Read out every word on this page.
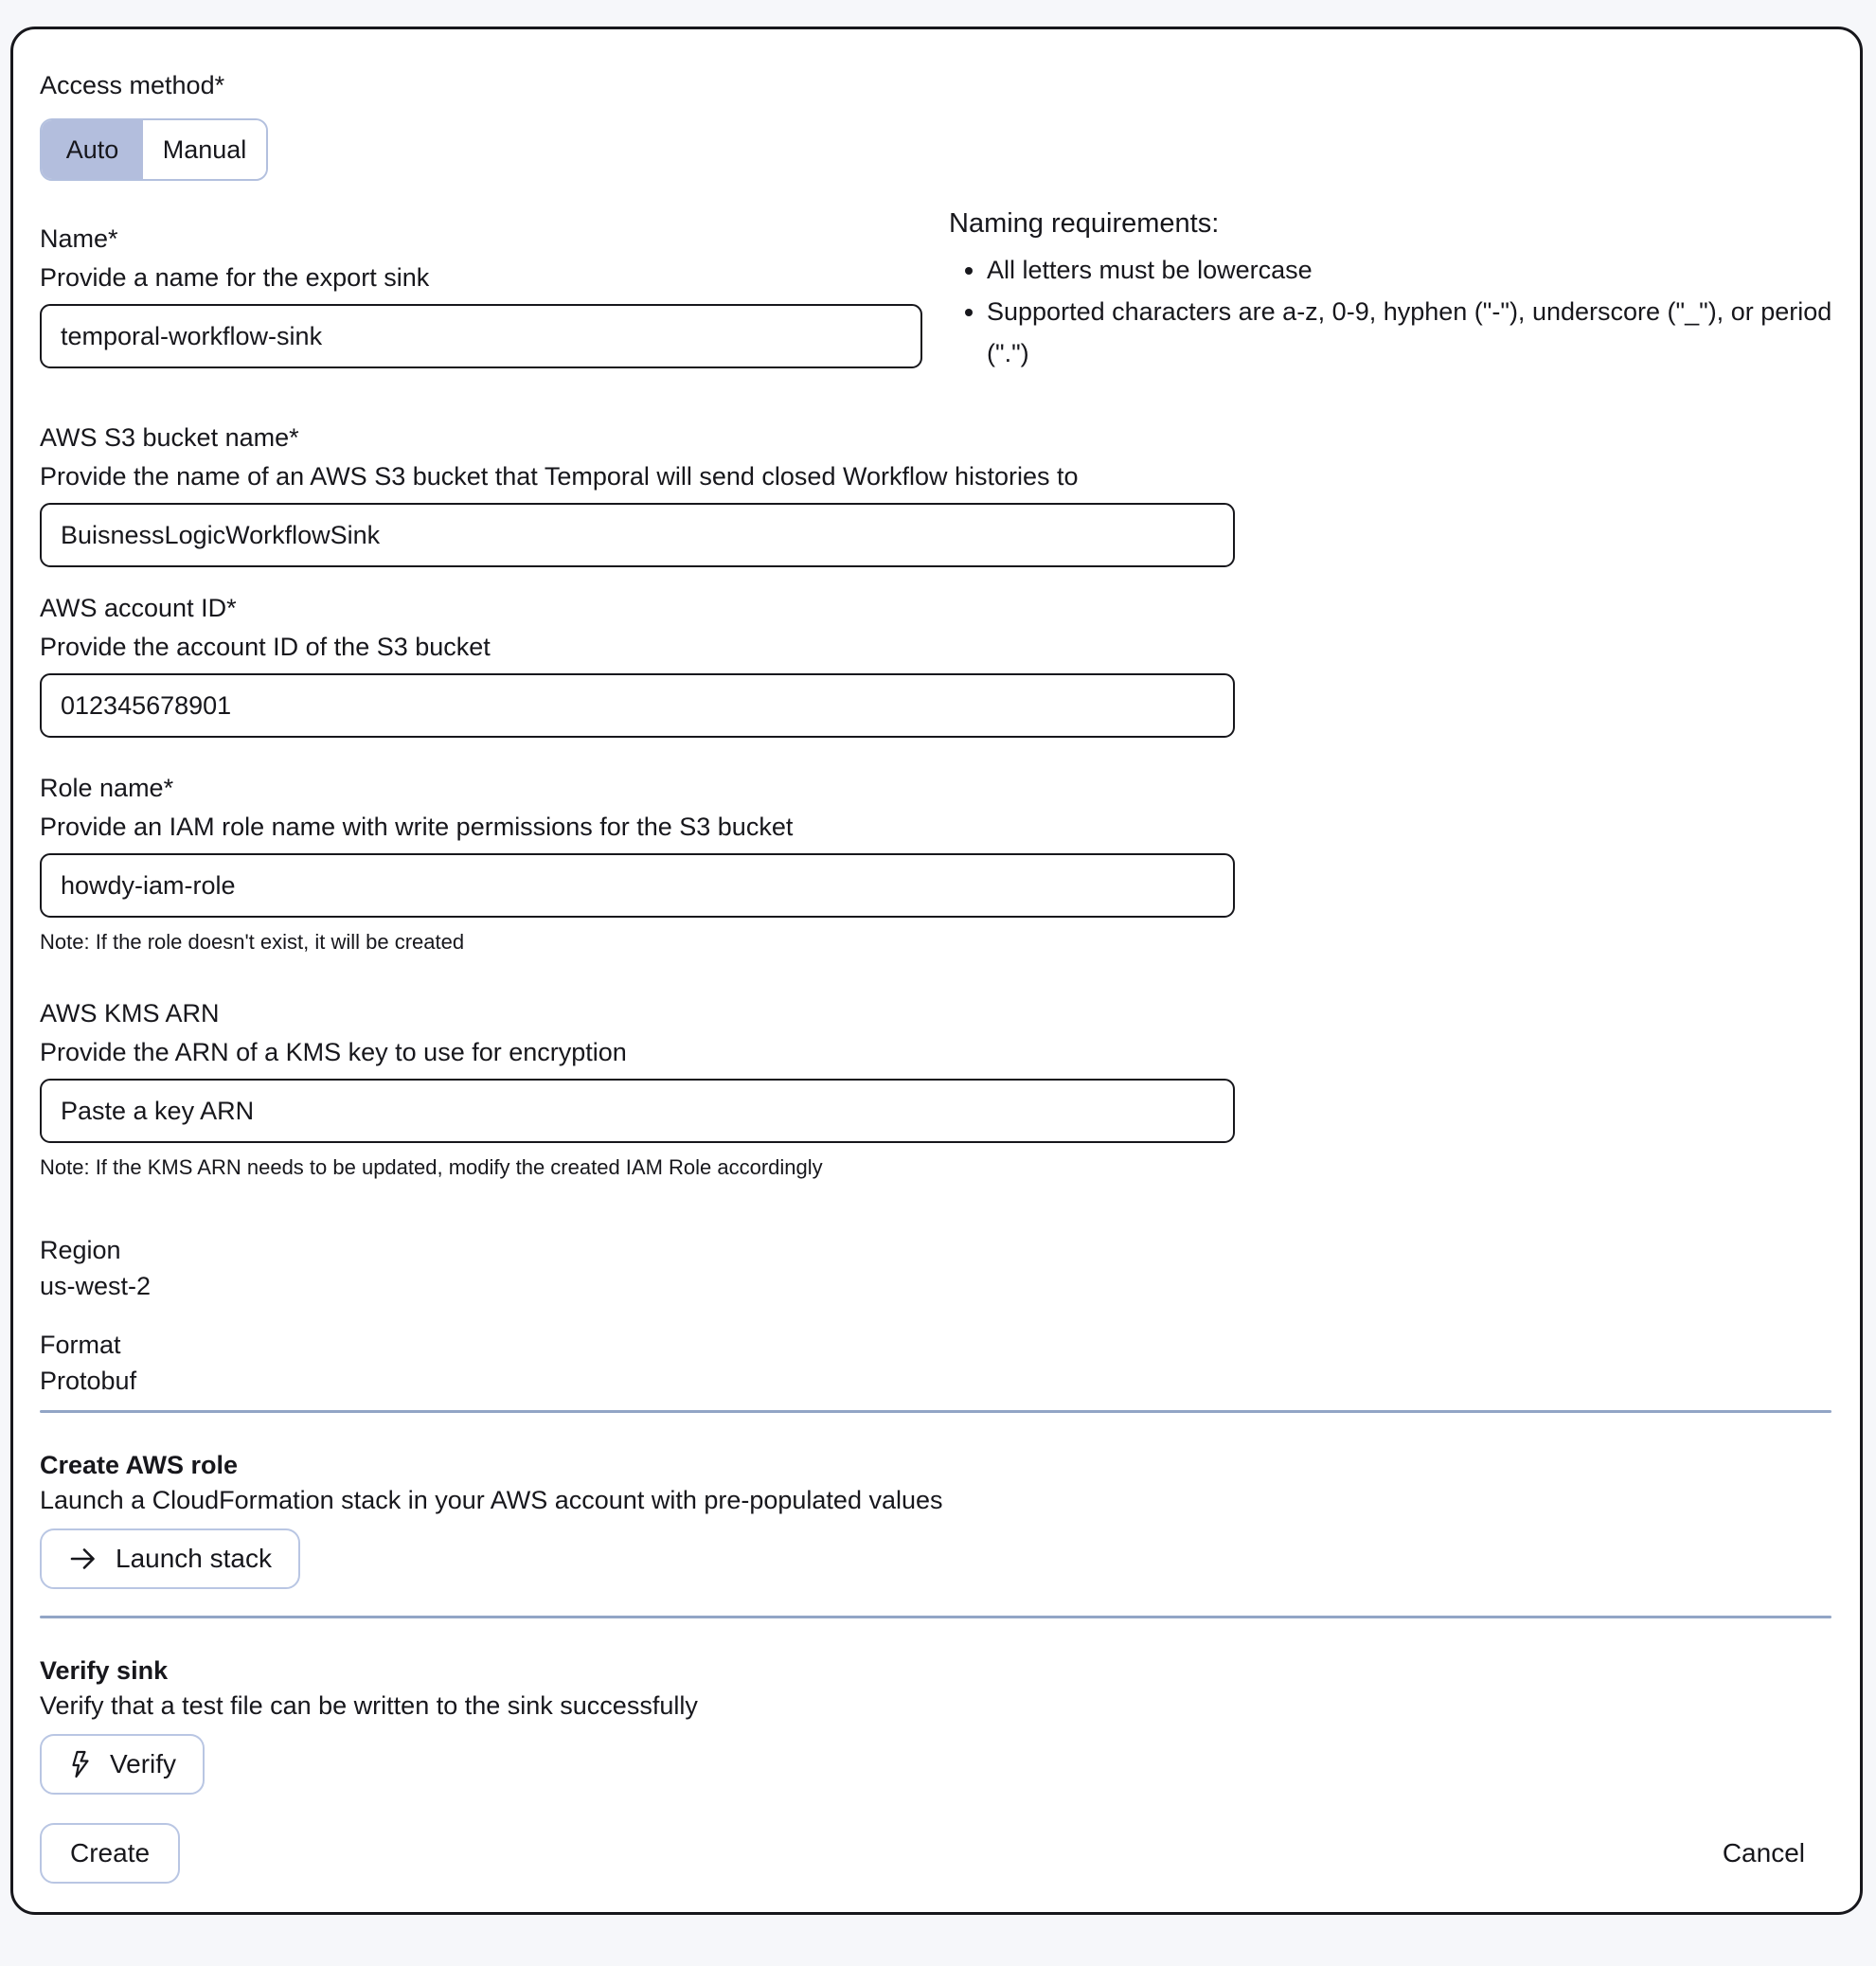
Access method*
Auto	Manual
Naming requirements:
• All letters must be lowercase
• Supported characters are a-z, 0-9, hyphen ("-"), underscore ("_"), or period (".")
Name*
Provide a name for the export sink
temporal-workflow-sink
AWS S3 bucket name*
Provide the name of an AWS S3 bucket that Temporal will send closed Workflow histories to
BuisnessLogicWorkflowSink
AWS account ID*
Provide the account ID of the S3 bucket
012345678901
Role name*
Provide an IAM role name with write permissions for the S3 bucket
howdy-iam-role
Note: If the role doesn't exist, it will be created
AWS KMS ARN
Provide the ARN of a KMS key to use for encryption
Paste a key ARN
Note: If the KMS ARN needs to be updated, modify the created IAM Role accordingly
Region
us-west-2
Format
Protobuf
Create AWS role
Launch a CloudFormation stack in your AWS account with pre-populated values
Launch stack
Verify sink
Verify that a test file can be written to the sink successfully
Verify
Create	Cancel
